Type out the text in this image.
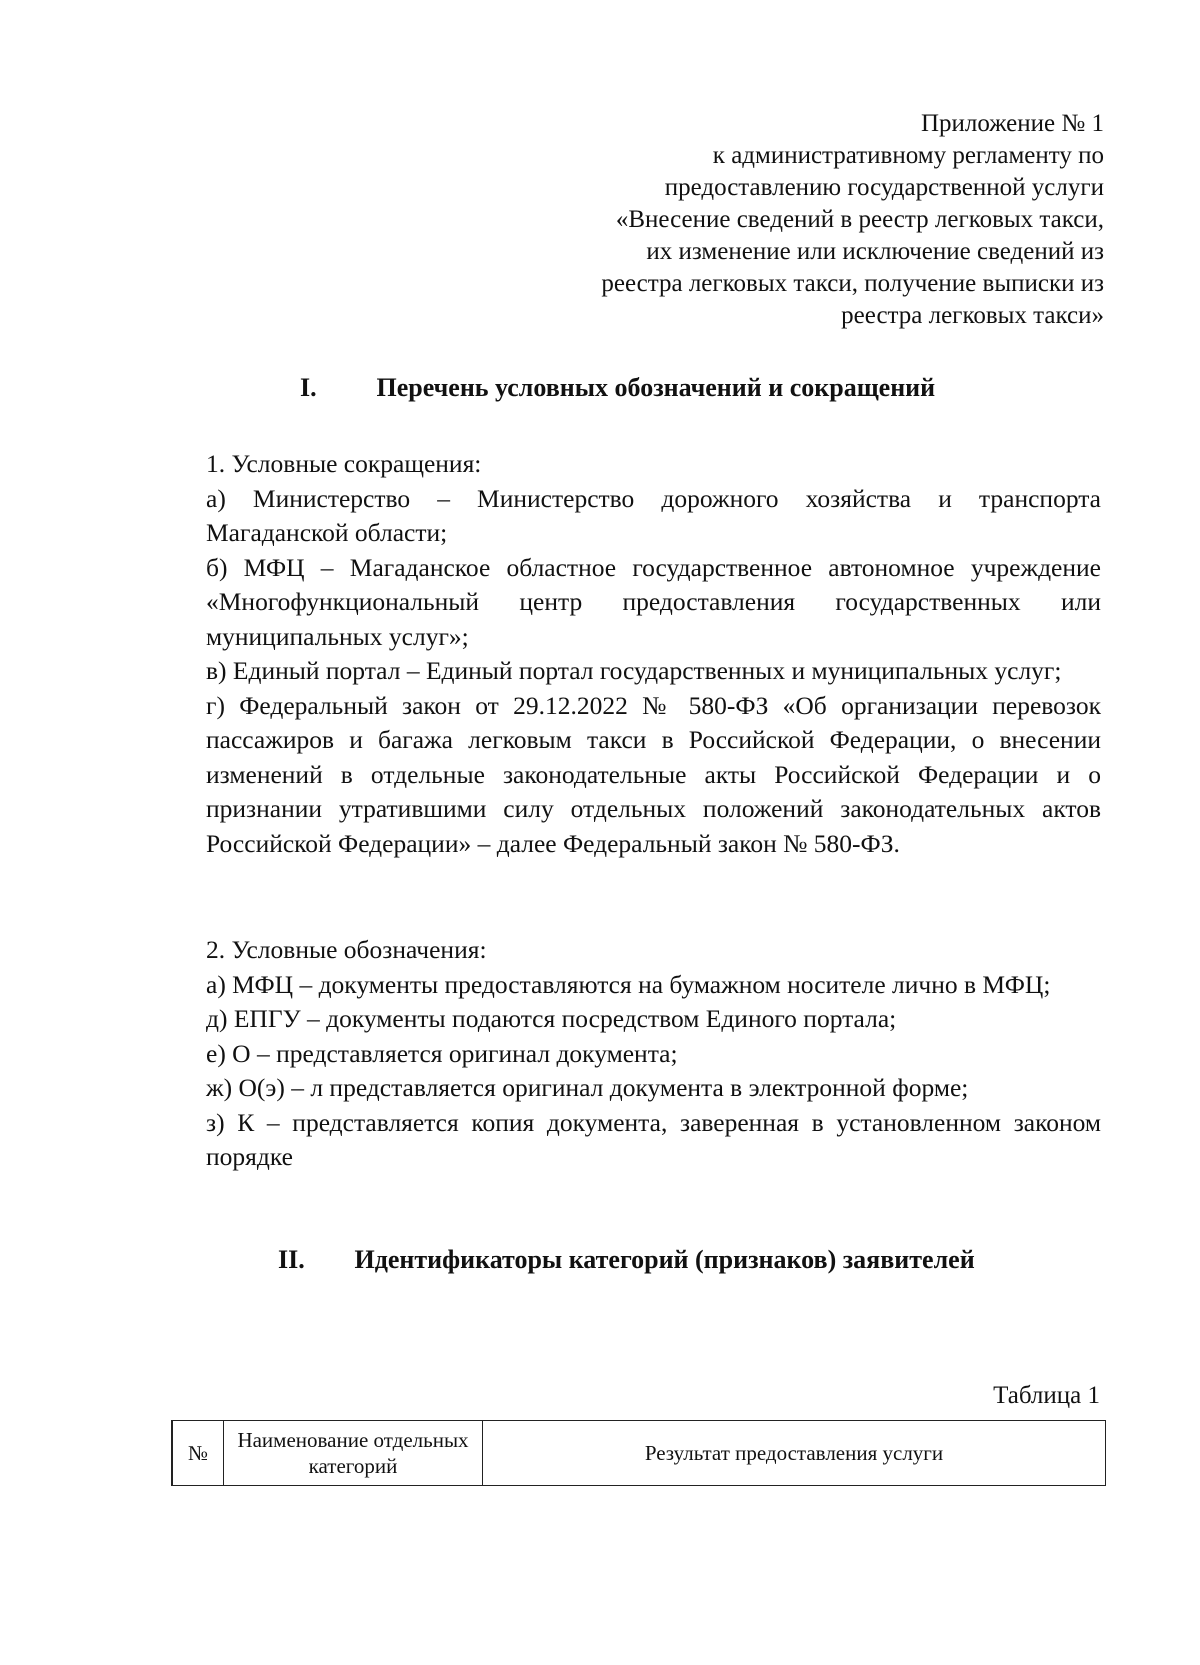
Приложение № 1
к административному регламенту по
предоставлению государственной услуги
«Внесение сведений в реестр легковых такси,
их изменение или исключение сведений из
реестра легковых такси, получение выписки из
реестра легковых такси»
I. Перечень условных обозначений и сокращений

1. Условные сокращения:

а) Министерство – Министерство дорожного хозяйства и транспорта Магаданской области;

б) МФЦ – Магаданское областное государственное автономное учреждение «Многофункциональный центр предоставления государственных или муниципальных услуг»;

в) Единый портал – Единый портал государственных и муниципальных услуг;

г) Федеральный закон от 29.12.2022 № 580-ФЗ «Об организации перевозок пассажиров и багажа легковым такси в Российской Федерации, о внесении изменений в отдельные законодательные акты Российской Федерации и о признании утратившими силу отдельных положений законодательных актов Российской Федерации» – далее Федеральный закон № 580-ФЗ.

2. Условные обозначения:

а) МФЦ – документы предоставляются на бумажном носителе лично в МФЦ;

д) ЕПГУ – документы подаются посредством Единого портала;

е) О – представляется оригинал документа;

ж) О(э) – л представляется оригинал документа в электронной форме;

з) К – представляется копия документа, заверенная в установленном законом порядке

II. Идентификаторы категорий (признаков) заявителей
Таблица 1
№	Наименование отдельных категорий	Результат предоставления услуги
